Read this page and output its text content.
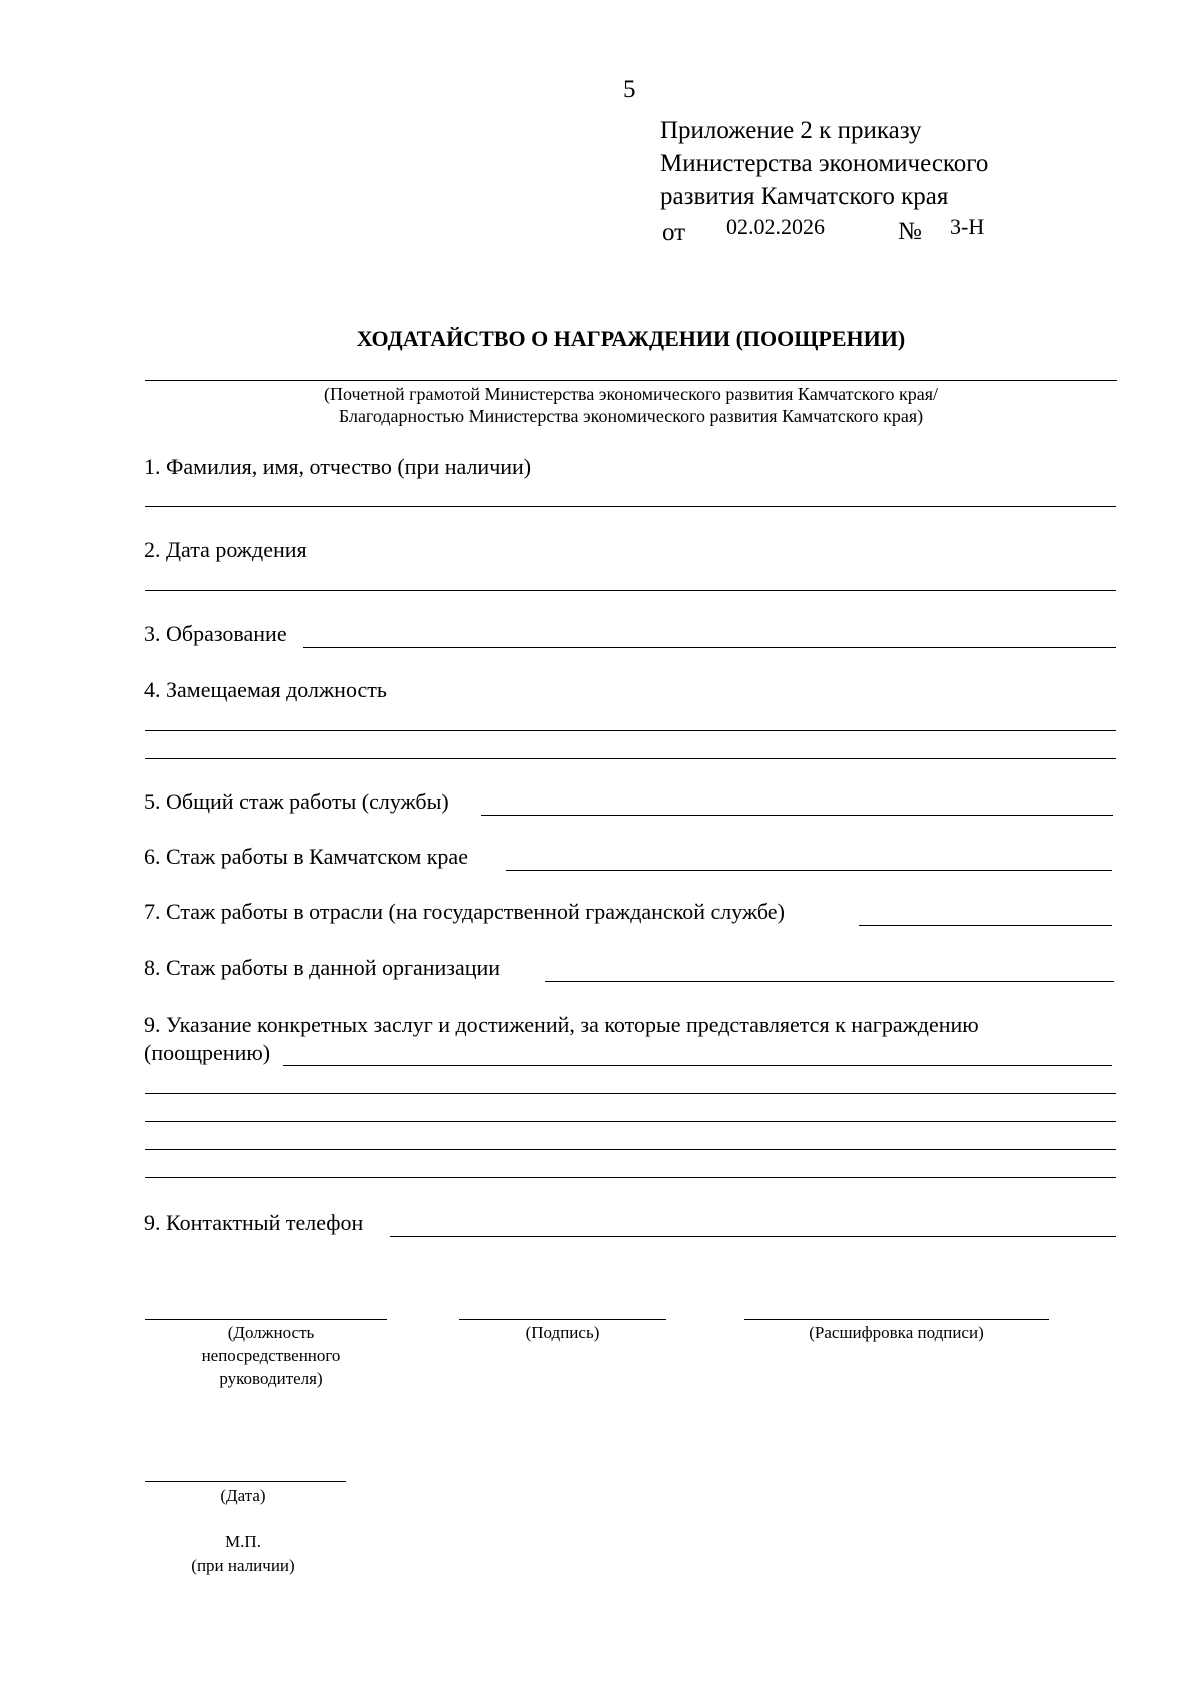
5
Приложение 2 к приказу
Министерства экономического
развития Камчатского края
от 02.02.2026	№ 3-Н
ХОДАТАЙСТВО О НАГРАЖДЕНИИ (ПООЩРЕНИИ)
(Почетной грамотой Министерства экономического развития Камчатского края/
Благодарностью Министерства экономического развития Камчатского края)
1. Фамилия, имя, отчество (при наличии)
2. Дата рождения
3. Образование
4. Замещаемая должность
5. Общий стаж работы (службы)
6. Стаж работы в Камчатском крае
7. Стаж работы в отрасли (на государственной гражданской службе)
8. Стаж работы в данной организации
9. Указание конкретных заслуг и достижений, за которые представляется к награждению
(поощрению)
9. Контактный телефон
(Должность непосредственного руководителя)
(Подпись)	(Расшифровка подписи)
(Дата)
М.П.
(при наличии)
